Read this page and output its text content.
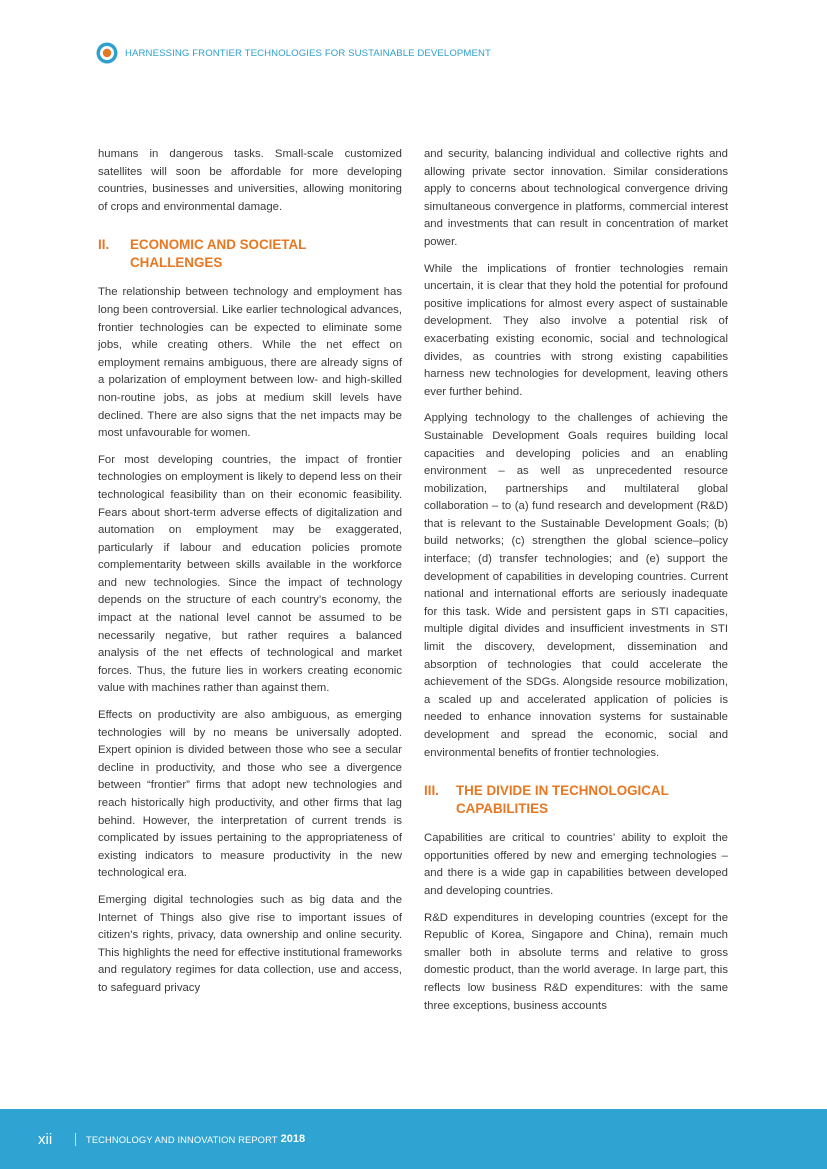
HARNESSING FRONTIER TECHNOLOGIES FOR SUSTAINABLE DEVELOPMENT

humans in dangerous tasks. Small-scale customized satellites will soon be affordable for more developing countries, businesses and universities, allowing monitoring of crops and environmental damage.

II.	ECONOMIC AND SOCIETAL CHALLENGES

The relationship between technology and employment has long been controversial. Like earlier technological advances, frontier technologies can be expected to eliminate some jobs, while creating others. While the net effect on employment remains ambiguous, there are already signs of a polarization of employment between low- and high-skilled non-routine jobs, as jobs at medium skill levels have declined. There are also signs that the net impacts may be most unfavourable for women.

For most developing countries, the impact of frontier technologies on employment is likely to depend less on their technological feasibility than on their economic feasibility. Fears about short-term adverse effects of digitalization and automation on employment may be exaggerated, particularly if labour and education policies promote complementarity between skills available in the workforce and new technologies. Since the impact of technology depends on the structure of each country’s economy, the impact at the national level cannot be assumed to be necessarily negative, but rather requires a balanced analysis of the net effects of technological and market forces. Thus, the future lies in workers creating economic value with machines rather than against them.

Effects on productivity are also ambiguous, as emerging technologies will by no means be universally adopted. Expert opinion is divided between those who see a secular decline in productivity, and those who see a divergence between “frontier” firms that adopt new technologies and reach historically high productivity, and other firms that lag behind. However, the interpretation of current trends is complicated by issues pertaining to the appropriateness of existing indicators to measure productivity in the new technological era.

Emerging digital technologies such as big data and the Internet of Things also give rise to important issues of citizen’s rights, privacy, data ownership and online security. This highlights the need for effective institutional frameworks and regulatory regimes for data collection, use and access, to safeguard privacy

and security, balancing individual and collective rights and allowing private sector innovation. Similar considerations apply to concerns about technological convergence driving simultaneous convergence in platforms, commercial interest and investments that can result in concentration of market power.

While the implications of frontier technologies remain uncertain, it is clear that they hold the potential for profound positive implications for almost every aspect of sustainable development. They also involve a potential risk of exacerbating existing economic, social and technological divides, as countries with strong existing capabilities harness new technologies for development, leaving others ever further behind.

Applying technology to the challenges of achieving the Sustainable Development Goals requires building local capacities and developing policies and an enabling environment – as well as unprecedented resource mobilization, partnerships and multilateral global collaboration – to (a) fund research and development (R&D) that is relevant to the Sustainable Development Goals; (b) build networks; (c) strengthen the global science–policy interface; (d) transfer technologies; and (e) support the development of capabilities in developing countries. Current national and international efforts are seriously inadequate for this task. Wide and persistent gaps in STI capacities, multiple digital divides and insufficient investments in STI limit the discovery, development, dissemination and absorption of technologies that could accelerate the achievement of the SDGs. Alongside resource mobilization, a scaled up and accelerated application of policies is needed to enhance innovation systems for sustainable development and spread the economic, social and environmental benefits of frontier technologies.

III.	THE DIVIDE IN TECHNOLOGICAL CAPABILITIES

Capabilities are critical to countries’ ability to exploit the opportunities offered by new and emerging technologies – and there is a wide gap in capabilities between developed and developing countries.

R&D expenditures in developing countries (except for the Republic of Korea, Singapore and China), remain much smaller both in absolute terms and relative to gross domestic product, than the world average. In large part, this reflects low business R&D expenditures: with the same three exceptions, business accounts

xii	TECHNOLOGY AND INNOVATION REPORT 2018
